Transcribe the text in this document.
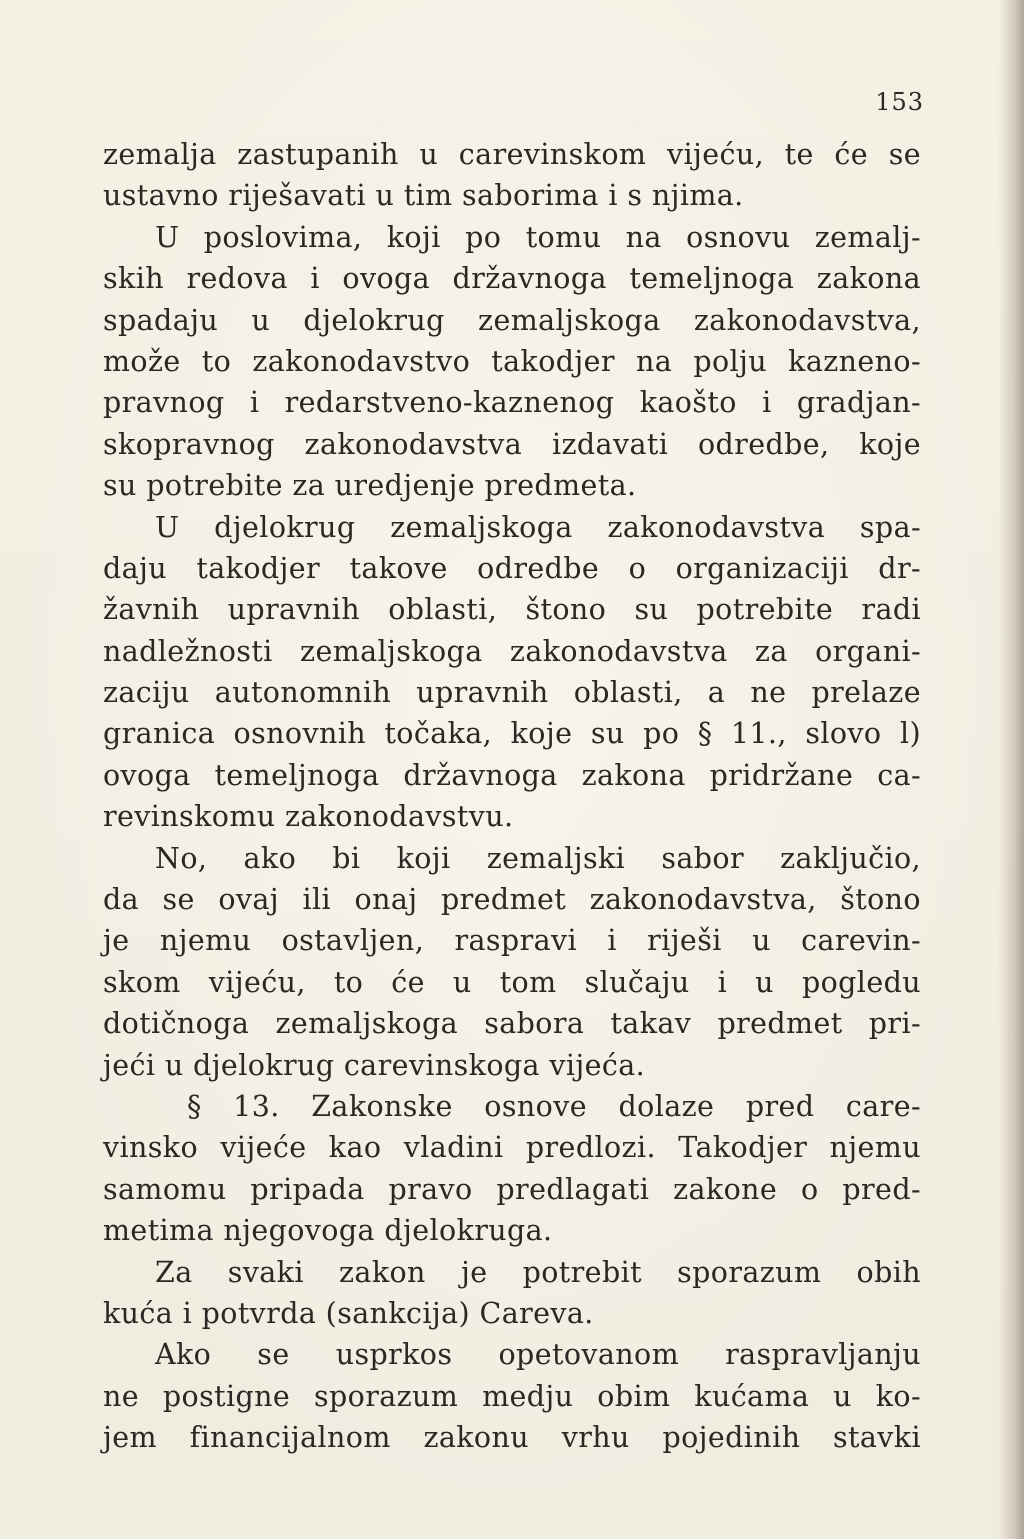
153
zemalja zastupanih u carevinskom vijeću, te će se
ustavno riješavati u tim saborima i s njima.
U poslovima, koji po tomu na osnovu zemalj-
skih redova i ovoga državnoga temeljnoga zakona
spadaju u djelokrug zemaljskoga zakonodavstva,
može to zakonodavstvo takodjer na polju kazneno-
pravnog i redarstveno-kaznenog kaošto i gradjan-
skopravnog zakonodavstva izdavati odredbe, koje
su potrebite za uredjenje predmeta.
U djelokrug zemaljskoga zakonodavstva spa-
daju takodjer takove odredbe o organizaciji dr-
žavnih upravnih oblasti, štono su potrebite radi
nadležnosti zemaljskoga zakonodavstva za organi-
zaciju autonomnih upravnih oblasti, a ne prelaze
granica osnovnih točaka, koje su po § 11., slovo l)
ovoga temeljnoga državnoga zakona pridržane ca-
revinskomu zakonodavstvu.
No, ako bi koji zemaljski sabor zaključio,
da se ovaj ili onaj predmet zakonodavstva, štono
je njemu ostavljen, raspravi i riješi u carevin-
skom vijeću, to će u tom slučaju i u pogledu
dotičnoga zemaljskoga sabora takav predmet pri-
jeći u djelokrug carevinskoga vijeća.
§ 13. Zakonske osnove dolaze pred care-
vinsko vijeće kao vladini predlozi. Takodjer njemu
samomu pripada pravo predlagati zakone o pred-
metima njegovoga djelokruga.
Za svaki zakon je potrebit sporazum obih
kuća i potvrda (sankcija) Careva.
Ako se usprkos opetovanom raspravljanju
ne postigne sporazum medju obim kućama u ko-
jem financijalnom zakonu vrhu pojedinih stavki
